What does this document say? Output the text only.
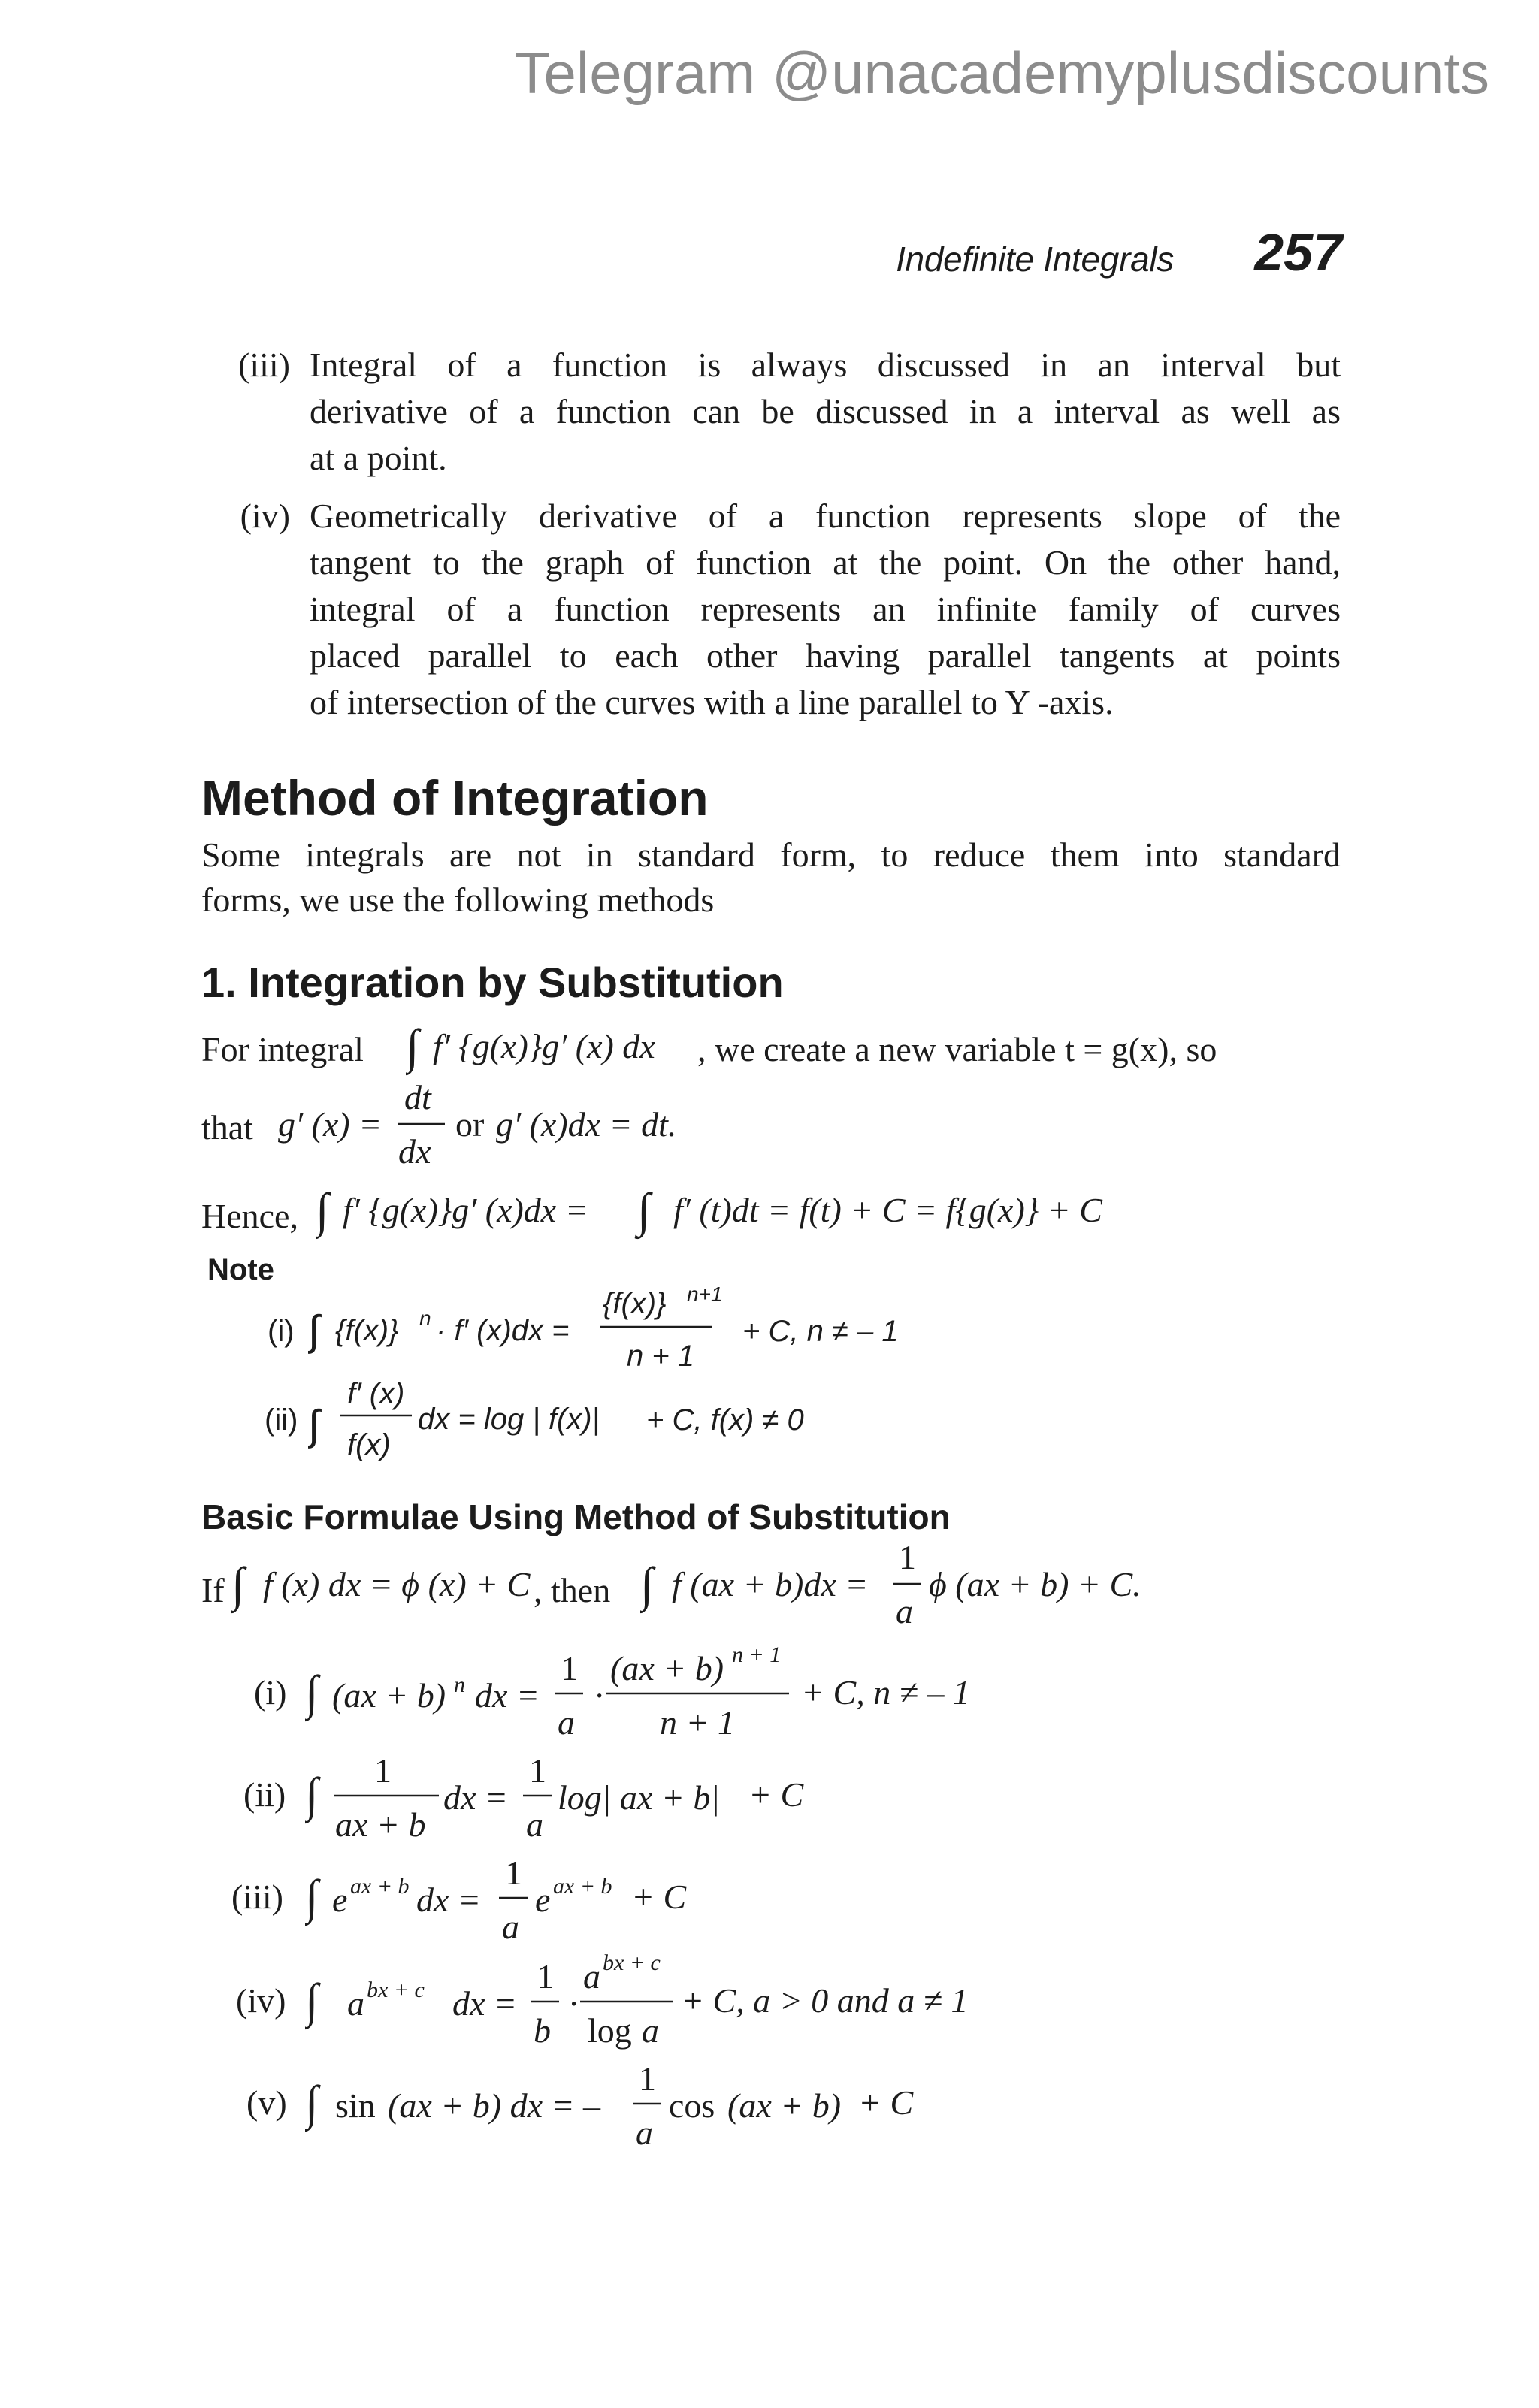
Telegram @unacademyplusdiscounts
Indefinite Integrals 257
(iii) Integral of a function is always discussed in an interval but
derivative of a function can be discussed in a interval as well as
at a point.
(iv) Geometrically derivative of a function represents slope of the
tangent to the graph of function at the point. On the other hand,
integral of a function represents an infinite family of curves
placed parallel to each other having parallel tangents at points
of intersection of the curves with a line parallel to Y -axis.
Method of Integration
Some integrals are not in standard form, to reduce them into standard
forms, we use the following methods
1. Integration by Substitution
For integral ∫ f′ {g(x)}g′ (x) dx , we create a new variable t = g(x), so
that g′ (x) =
dt
dx
or g′ (x)dx = dt.
Hence, ∫ f′ {g(x)}g′ (x)dx = ∫ f′ (t)dt = f(t) + C = f{g(x)} + C
Note
(i) ∫ {f(x)} n · f′ (x)dx =
{f(x)} n+1
n + 1
+ C, n ≠ – 1
(ii) ∫
f′ (x)
f(x)
dx = log | f(x)| + C, f(x) ≠ 0
Basic Formulae Using Method of Substitution
If ∫ f (x) dx = ϕ (x) + C , then ∫ f (ax + b)dx =
1
a
ϕ (ax + b) + C.
(i) ∫ (ax + b) n dx =
1
a
·
(ax + b) n + 1
n + 1
+ C, n ≠ – 1
(ii) ∫ 1
ax + b
dx =
1
a
log| ax + b| + C
(iii) ∫ e ax + b dx =
1
a
e ax + b + C
(iv) ∫ a bx + c dx =
1
b
·
a bx + c
log a
+ C, a > 0 and a ≠ 1
(v) ∫ sin (ax + b) dx = –
1
a
cos (ax + b) + C
